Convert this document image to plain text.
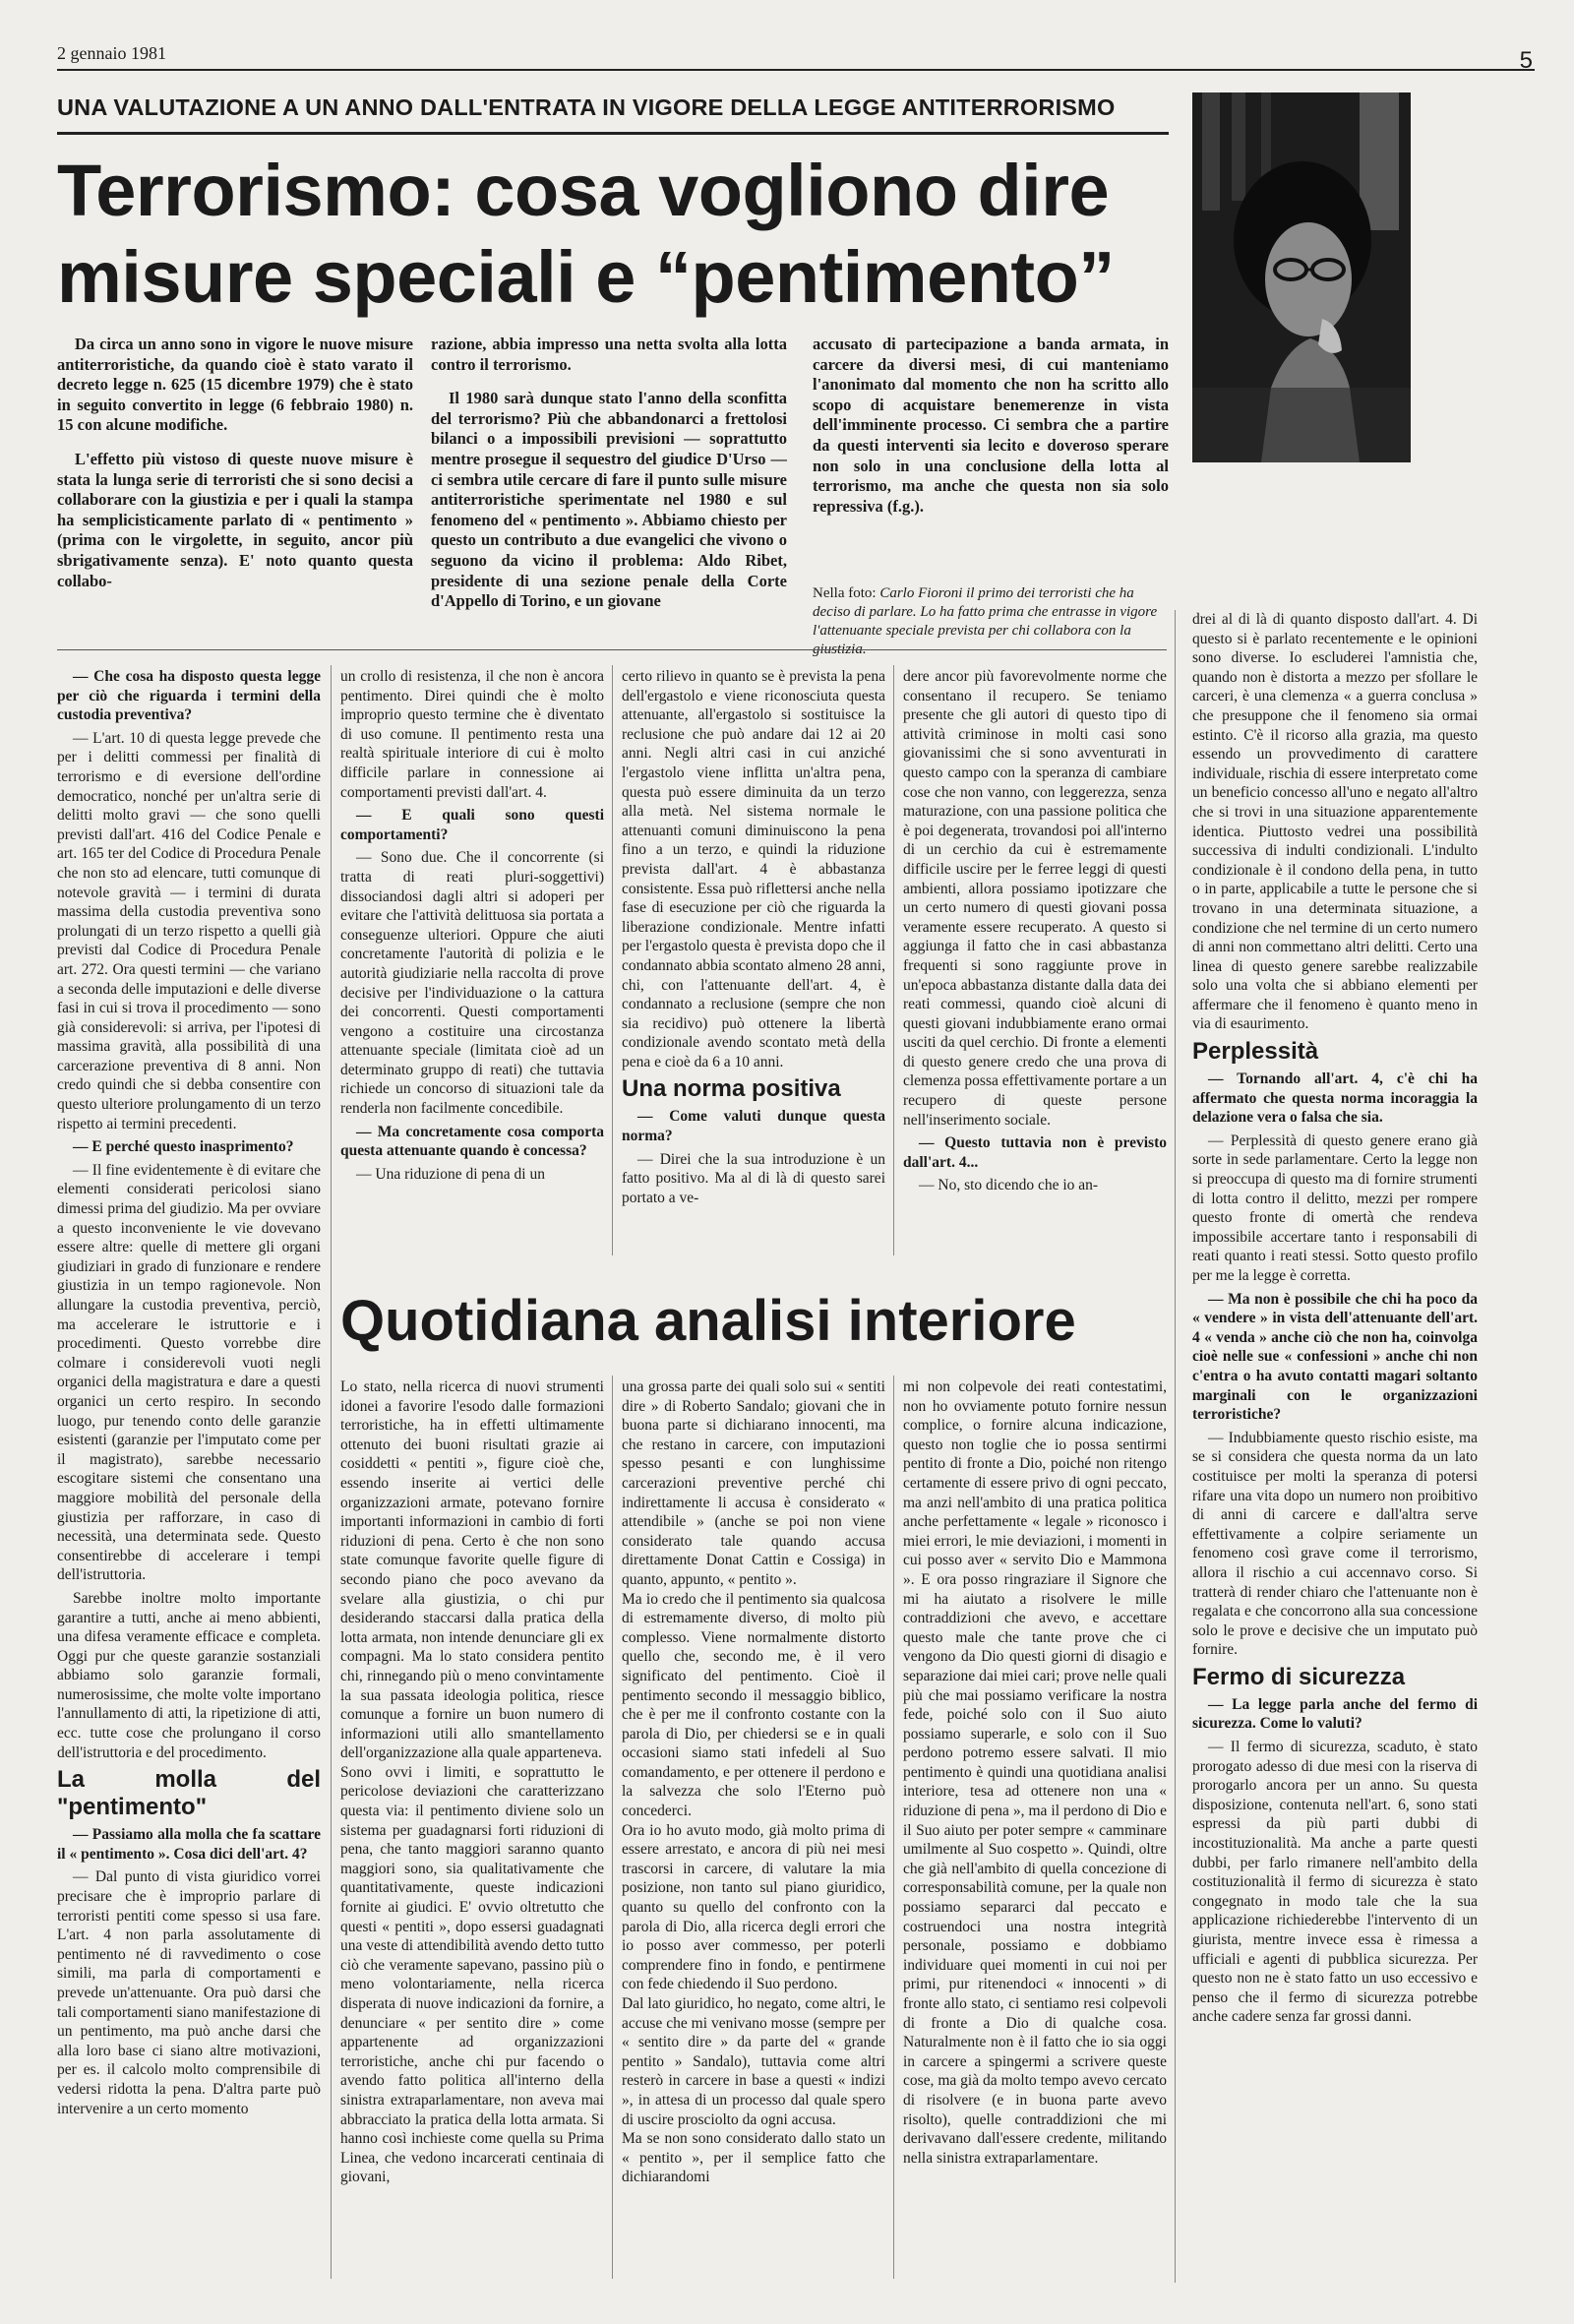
2 gennaio 1981	5
UNA VALUTAZIONE A UN ANNO DALL'ENTRATA IN VIGORE DELLA LEGGE ANTITERRORISMO
Terrorismo: cosa vogliono dire
misure speciali e “pentimento”

Da circa un anno sono in vigore le nuove misure antiterroristiche, da quando cioè è stato varato il decreto legge n. 625 (15 dicembre 1979) che è stato in seguito convertito in legge (6 febbraio 1980) n. 15 con alcune modifiche.

L'effetto più vistoso di queste nuove misure è stata la lunga serie di terroristi che si sono decisi a collaborare con la giustizia e per i quali la stampa ha semplicisticamente parlato di « pentimento » (prima con le virgolette, in seguito, ancor più sbrigativamente senza). E' noto quanto questa collabo-

razione, abbia impresso una netta svolta alla lotta contro il terrorismo.

Il 1980 sarà dunque stato l'anno della sconfitta del terrorismo? Più che abbandonarci a frettolosi bilanci o a impossibili previsioni — soprattutto mentre prosegue il sequestro del giudice D'Urso — ci sembra utile cercare di fare il punto sulle misure antiterroristiche sperimentate nel 1980 e sul fenomeno del « pentimento ». Abbiamo chiesto per questo un contributo a due evangelici che vivono o seguono da vicino il problema: Aldo Ribet, presidente di una sezione penale della Corte d'Appello di Torino, e un giovane

accusato di partecipazione a banda armata, in carcere da diversi mesi, di cui manteniamo l'anonimato dal momento che non ha scritto allo scopo di acquistare benemerenze in vista dell'imminente processo. Ci sembra che a partire da questi interventi sia lecito e doveroso sperare non solo in una conclusione della lotta al terrorismo, ma anche che questa non sia solo repressiva (f.g.).

Nella foto: Carlo Fioroni il primo dei terroristi che ha deciso di parlare. Lo ha fatto prima che entrasse in vigore l'attenuante speciale prevista per chi collabora con la giustizia.

— Che cosa ha disposto questa legge per ciò che riguarda i termini della custodia preventiva?

— L'art. 10 di questa legge prevede che per i delitti commessi per finalità di terrorismo e di eversione dell'ordine democratico, nonché per un'altra serie di delitti molto gravi — che sono quelli previsti dall'art. 416 del Codice Penale e art. 165 ter del Codice di Procedura Penale che non sto ad elencare, tutti comunque di notevole gravità — i termini di durata massima della custodia preventiva sono prolungati di un terzo rispetto a quelli già previsti dal Codice di Procedura Penale art. 272. Ora questi termini — che variano a seconda delle imputazioni e delle diverse fasi in cui si trova il procedimento — sono già considerevoli: si arriva, per l'ipotesi di massima gravità, alla possibilità di una carcerazione preventiva di 8 anni. Non credo quindi che si debba consentire con questo ulteriore prolungamento di un terzo rispetto ai termini precedenti.

— E perché questo inasprimento?

— Il fine evidentemente è di evitare che elementi considerati pericolosi siano dimessi prima del giudizio. Ma per ovviare a questo inconveniente le vie dovevano essere altre: quelle di mettere gli organi giudiziari in grado di funzionare e rendere giustizia in un tempo ragionevole. Non allungare la custodia preventiva, perciò, ma accelerare le istruttorie e i procedimenti. Questo vorrebbe dire colmare i considerevoli vuoti negli organici della magistratura e dare a questi organici un certo respiro. In secondo luogo, pur tenendo conto delle garanzie esistenti (garanzie per l'imputato come per il magistrato), sarebbe necessario escogitare sistemi che consentano una maggiore mobilità del personale della giustizia per rafforzare, in caso di necessità, una determinata sede. Questo consentirebbe di accelerare i tempi dell'istruttoria.

Sarebbe inoltre molto importante garantire a tutti, anche ai meno abbienti, una difesa veramente efficace e completa. Oggi pur che queste garanzie sostanziali abbiamo solo garanzie formali, numerosissime, che molte volte importano l'annullamento di atti, la ripetizione di atti, ecc. tutte cose che prolungano il corso dell'istruttoria e del procedimento.

La molla del "pentimento"

— Passiamo alla molla che fa scattare il « pentimento ». Cosa dici dell'art. 4?

— Dal punto di vista giuridico vorrei precisare che è improprio parlare di terroristi pentiti come spesso si usa fare. L'art. 4 non parla assolutamente di pentimento né di ravvedimento o cose simili, ma parla di comportamenti e prevede un'attenuante. Ora può darsi che tali comportamenti siano manifestazione di un pentimento, ma può anche darsi che alla loro base ci siano altre motivazioni, per es. il calcolo molto comprensibile di vedersi ridotta la pena. D'altra parte può intervenire a un certo momento

un crollo di resistenza, il che non è ancora pentimento. Direi quindi che è molto improprio questo termine che è diventato di uso comune. Il pentimento resta una realtà spirituale interiore di cui è molto difficile parlare in connessione ai comportamenti previsti dall'art. 4.

— E quali sono questi comportamenti?

— Sono due. Che il concorrente (si tratta di reati pluri-soggettivi) dissociandosi dagli altri si adoperi per evitare che l'attività delittuosa sia portata a conseguenze ulteriori. Oppure che aiuti concretamente l'autorità di polizia e le autorità giudiziarie nella raccolta di prove decisive per l'individuazione o la cattura dei concorrenti. Questi comportamenti vengono a costituire una circostanza attenuante speciale (limitata cioè ad un determinato gruppo di reati) che tuttavia richiede un concorso di situazioni tale da renderla non facilmente concedibile.

— Ma concretamente cosa comporta questa attenuante quando è concessa?

— Una riduzione di pena di un

certo rilievo in quanto se è prevista la pena dell'ergastolo e viene riconosciuta questa attenuante, all'ergastolo si sostituisce la reclusione che può andare dai 12 ai 20 anni. Negli altri casi in cui anziché l'ergastolo viene inflitta un'altra pena, questa può essere diminuita da un terzo alla metà. Nel sistema normale le attenuanti comuni diminuiscono la pena fino a un terzo, e quindi la riduzione prevista dall'art. 4 è abbastanza consistente. Essa può riflettersi anche nella fase di esecuzione per ciò che riguarda la liberazione condizionale. Mentre infatti per l'ergastolo questa è prevista dopo che il condannato abbia scontato almeno 28 anni, chi, con l'attenuante dell'art. 4, è condannato a reclusione (sempre che non sia recidivo) può ottenere la libertà condizionale avendo scontato metà della pena e cioè da 6 a 10 anni.

Una norma positiva

— Come valuti dunque questa norma?

— Direi che la sua introduzione è un fatto positivo. Ma al di là di questo sarei portato a ve-

dere ancor più favorevolmente norme che consentano il recupero. Se teniamo presente che gli autori di questo tipo di attività criminose in molti casi sono giovanissimi che si sono avventurati in questo campo con la speranza di cambiare cose che non vanno, con leggerezza, senza maturazione, con una passione politica che è poi degenerata, trovandosi poi all'interno di un cerchio da cui è estremamente difficile uscire per le ferree leggi di questi ambienti, allora possiamo ipotizzare che un certo numero di questi giovani possa veramente essere recuperato. A questo si aggiunga il fatto che in casi abbastanza frequenti si sono raggiunte prove in un'epoca abbastanza distante dalla data dei reati commessi, quando cioè alcuni di questi giovani indubbiamente erano ormai usciti da quel cerchio. Di fronte a elementi di questo genere credo che una prova di clemenza possa effettivamente portare a un recupero di queste persone nell'inserimento sociale.

— Questo tuttavia non è previsto dall'art. 4...

— No, sto dicendo che io an-

drei al di là di quanto disposto dall'art. 4. Di questo si è parlato recentemente e le opinioni sono diverse. Io escluderei l'amnistia che, quando non è distorta a mezzo per sfollare le carceri, è una clemenza « a guerra conclusa » che presuppone che il fenomeno sia ormai estinto. C'è il ricorso alla grazia, ma questo essendo un provvedimento di carattere individuale, rischia di essere interpretato come un beneficio concesso all'uno e negato all'altro che si trovi in una situazione apparentemente identica. Piuttosto vedrei una possibilità successiva di indulti condizionali. L'indulto condizionale è il condono della pena, in tutto o in parte, applicabile a tutte le persone che si trovano in una determinata situazione, a condizione che nel termine di un certo numero di anni non commettano altri delitti. Certo una linea di questo genere sarebbe realizzabile solo una volta che si abbiano elementi per affermare che il fenomeno è quanto meno in via di esaurimento.

Perplessità

— Tornando all'art. 4, c'è chi ha affermato che questa norma incoraggia la delazione vera o falsa che sia.

— Perplessità di questo genere erano già sorte in sede parlamentare. Certo la legge non si preoccupa di questo ma di fornire strumenti di lotta contro il delitto, mezzi per rompere questo fronte di omertà che rendeva impossibile accertare tanto i responsabili di reati quanto i reati stessi. Sotto questo profilo per me la legge è corretta.

— Ma non è possibile che chi ha poco da « vendere » in vista dell'attenuante dell'art. 4 « venda » anche ciò che non ha, coinvolga cioè nelle sue « confessioni » anche chi non c'entra o ha avuto contatti magari soltanto marginali con le organizzazioni terroristiche?

— Indubbiamente questo rischio esiste, ma se si considera che questa norma da un lato costituisce per molti la speranza di potersi rifare una vita dopo un numero non proibitivo di anni di carcere e dall'altra serve effettivamente a colpire seriamente un fenomeno così grave come il terrorismo, allora il rischio a cui accennavo corso. Si tratterà di render chiaro che l'attenuante non è regalata e che concorrono alla sua concessione solo le prove e decisive che un imputato può fornire.

Fermo di sicurezza

— La legge parla anche del fermo di sicurezza. Come lo valuti?

— Il fermo di sicurezza, scaduto, è stato prorogato adesso di due mesi con la riserva di prorogarlo ancora per un anno. Su questa disposizione, contenuta nell'art. 6, sono stati espressi da più parti dubbi di incostituzionalità. Ma anche a parte questi dubbi, per farlo rimanere nell'ambito della costituzionalità il fermo di sicurezza è stato congegnato in modo tale che la sua applicazione richiederebbe l'intervento di un giurista, mentre invece essa è rimessa a ufficiali e agenti di pubblica sicurezza. Per questo non ne è stato fatto un uso eccessivo e penso che il fermo di sicurezza potrebbe anche cadere senza far grossi danni.

Quotidiana analisi interiore
Lo stato, nella ricerca di nuovi strumenti idonei a favorire l'esodo dalle formazioni terroristiche, ha in effetti ultimamente ottenuto dei buoni risultati grazie ai cosiddetti « pentiti », figure cioè che, essendo inserite ai vertici delle organizzazioni armate, potevano fornire importanti informazioni in cambio di forti riduzioni di pena. Certo è che non sono state comunque favorite quelle figure di secondo piano che poco avevano da svelare alla giustizia, o chi pur desiderando staccarsi dalla pratica della lotta armata, non intende denunciare gli ex compagni. Ma lo stato considera pentito chi, rinnegando più o meno convintamente la sua passata ideologia politica, riesce comunque a fornire un buon numero di informazioni utili allo smantellamento dell'organizzazione alla quale apparteneva.
Sono ovvi i limiti, e soprattutto le pericolose deviazioni che caratterizzano questa via: il pentimento diviene solo un sistema per guadagnarsi forti riduzioni di pena, che tanto maggiori saranno quanto maggiori sono, sia qualitativamente che quantitativamente, queste indicazioni fornite ai giudici. E' ovvio oltretutto che questi « pentiti », dopo essersi guadagnati una veste di attendibilità avendo detto tutto ciò che veramente sapevano, passino più o meno volontariamente, nella ricerca disperata di nuove indicazioni da fornire, a denunciare « per sentito dire » come appartenente ad organizzazioni terroristiche, anche chi pur facendo o avendo fatto politica all'interno della sinistra extraparlamentare, non aveva mai abbracciato la pratica della lotta armata. Si hanno così inchieste come quella su Prima Linea, che vedono incarcerati centinaia di giovani,
una grossa parte dei quali solo sui « sentiti dire » di Roberto Sandalo; giovani che in buona parte si dichiarano innocenti, ma che restano in carcere, con imputazioni spesso pesanti e con lunghissime carcerazioni preventive perché chi indirettamente li accusa è considerato « attendibile » (anche se poi non viene considerato tale quando accusa direttamente Donat Cattin e Cossiga) in quanto, appunto, « pentito ».
Ma io credo che il pentimento sia qualcosa di estremamente diverso, di molto più complesso. Viene normalmente distorto quello che, secondo me, è il vero significato del pentimento. Cioè il pentimento secondo il messaggio biblico, che è per me il confronto costante con la parola di Dio, per chiedersi se e in quali occasioni siamo stati infedeli al Suo comandamento, e per ottenere il perdono e la salvezza che solo l'Eterno può concederci.
Ora io ho avuto modo, già molto prima di essere arrestato, e ancora di più nei mesi trascorsi in carcere, di valutare la mia posizione, non tanto sul piano giuridico, quanto su quello del confronto con la parola di Dio, alla ricerca degli errori che io posso aver commesso, per poterli comprendere fino in fondo, e pentirmene con fede chiedendo il Suo perdono.
Dal lato giuridico, ho negato, come altri, le accuse che mi venivano mosse (sempre per « sentito dire » da parte del « grande pentito » Sandalo), tuttavia come altri resterò in carcere in base a questi « indizi », in attesa di un processo dal quale spero di uscire prosciolto da ogni accusa.
Ma se non sono considerato dallo stato un « pentito », per il semplice fatto che dichiarandomi
mi non colpevole dei reati contestatimi, non ho ovviamente potuto fornire nessun complice, o fornire alcuna indicazione, questo non toglie che io possa sentirmi pentito di fronte a Dio, poiché non ritengo certamente di essere privo di ogni peccato, ma anzi nell'ambito di una pratica politica anche perfettamente « legale » riconosco i miei errori, le mie deviazioni, i momenti in cui posso aver « servito Dio e Mammona ». E ora posso ringraziare il Signore che mi ha aiutato a risolvere le mille contraddizioni che avevo, e accettare questo male che tante prove che ci vengono da Dio questi giorni di disagio e separazione dai miei cari; prove nelle quali più che mai possiamo verificare la nostra fede, poiché solo con il Suo aiuto possiamo superarle, e solo con il Suo perdono potremo essere salvati. Il mio pentimento è quindi una quotidiana analisi interiore, tesa ad ottenere non una « riduzione di pena », ma il perdono di Dio e il Suo aiuto per poter sempre « camminare umilmente al Suo cospetto ». Quindi, oltre che già nell'ambito di quella concezione di corresponsabilità comune, per la quale non possiamo separarci dal peccato e costruendoci una nostra integrità personale, possiamo e dobbiamo individuare quei momenti in cui noi per primi, pur ritenendoci « innocenti » di fronte allo stato, ci sentiamo resi colpevoli di fronte a Dio di qualche cosa. Naturalmente non è il fatto che io sia oggi in carcere a spingermi a scrivere queste cose, ma già da molto tempo avevo cercato di risolvere (e in buona parte avevo risolto), quelle contraddizioni che mi derivavano dall'essere credente, militando nella sinistra extraparlamentare.
